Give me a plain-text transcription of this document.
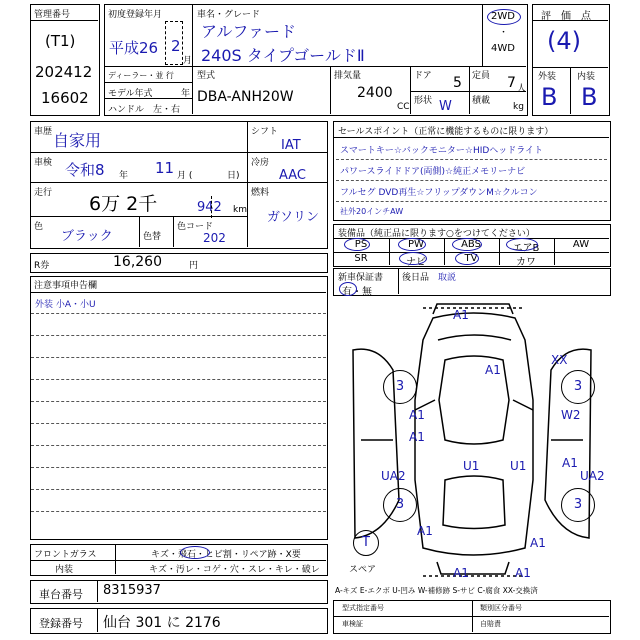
管理番号
(T1)
202412
16602
初度登録年月
平成26 2
月
ディーラー・並 行
モデル年式	年
ハンドル　左・右
車名・グレード
アルファード
240S タイプゴールドⅡ
2WD
・
4WD
型式
DBA-ANH20W
排気量
2400
CC
ドア 5
形状 W
定員 7 人
積載
kg
評　価　点
(4)
外装 内装
B B
車歴 自家用
車検 令和8 年 11 月 (	日)
走行 6万 2千	942 km
色
ブラック	色替
色コード
202
シフト
IAT
冷房
AAC
燃料
ガソリン
R券	16,260	円
セールスポイント（正常に機能するものに限ります）
スマートキー☆バックモニター☆HIDヘッドライト
パワースライドドア(両側)☆純正メモリーナビ
フルセグ DVD再生☆フリップダウンM☆クルコン
社外20インチAW
装備品（純正品に限ります○をつけてください）
PS	PW	ABS	エアB	AW
SR	ナビ	TV	カワ
新車保証書
有・無
後日品 取説
注意事項申告欄
外装 小A・小U
フロントガラス	キズ・飛石・ヒビ割・リペア跡・X要
内装	キズ・汚レ・コゲ・穴・スレ・キレ・破レ
車台番号 8315937
登録番号 仙台 301 に 2176
A1
XX
A1
A1	W2
A1
U1	U1	A1
UA2	UA2
A1
A1
A1	A1
3	3
3	3
T
スペア
A-キズ E-エクボ U-凹み W-補修跡 S-サビ C-腐食 XX-交換済
型式指定番号	類別区分番号
車検証	自賠責
